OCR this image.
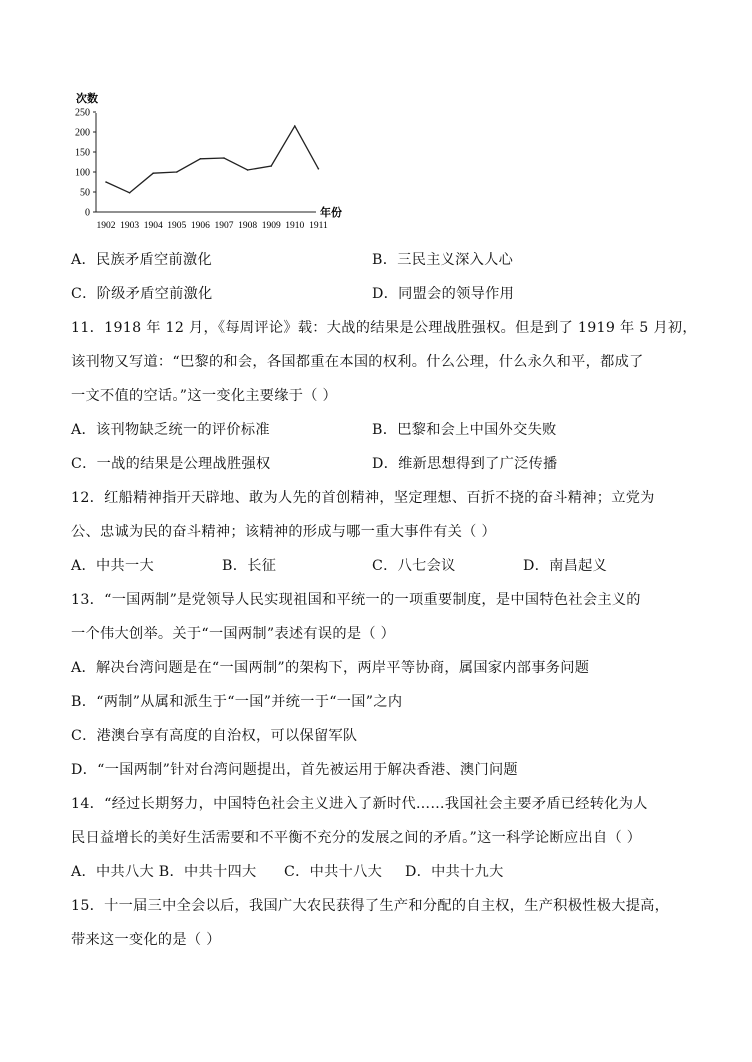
次数
0
50
100
150
200
250
1902 1903 1904 1905 1906 1907 1908 1909 1910 1911
年份
A．民族矛盾空前激化	B．三民主义深入人心
C．阶级矛盾空前激化	D．同盟会的领导作用
11．1918 年 12 月，《每周评论》载：大战的结果是公理战胜强权。但是到了 1919 年 5 月初，
该刊物又写道：“巴黎的和会，各国都重在本国的权利。什么公理，什么永久和平，都成了
一文不值的空话。”这一变化主要缘于（ ）
A．该刊物缺乏统一的评价标准	B．巴黎和会上中国外交失败
C．一战的结果是公理战胜强权	D．维新思想得到了广泛传播
12．红船精神指开天辟地、敢为人先的首创精神，坚定理想、百折不挠的奋斗精神；立党为
公、忠诚为民的奋斗精神；该精神的形成与哪一重大事件有关（ ）
A．中共一大	B．长征	C．八七会议	D．南昌起义
13．“一国两制”是党领导人民实现祖国和平统一的一项重要制度，是中国特色社会主义的
一个伟大创举。关于“一国两制”表述有误的是（ ）
A．解决台湾问题是在“一国两制”的架构下，两岸平等协商，属国家内部事务问题
B．“两制”从属和派生于“一国”并统一于“一国”之内
C．港澳台享有高度的自治权，可以保留军队
D．“一国两制”针对台湾问题提出，首先被运用于解决香港、澳门问题
14．“经过长期努力，中国特色社会主义进入了新时代……我国社会主要矛盾已经转化为人
民日益增长的美好生活需要和不平衡不充分的发展之间的矛盾。”这一科学论断应出自（ ）
A．中共八大 B．中共十四大 C．中共十八大 D．中共十九大
15．十一届三中全会以后，我国广大农民获得了生产和分配的自主权，生产积极性极大提高，
带来这一变化的是（ ）
